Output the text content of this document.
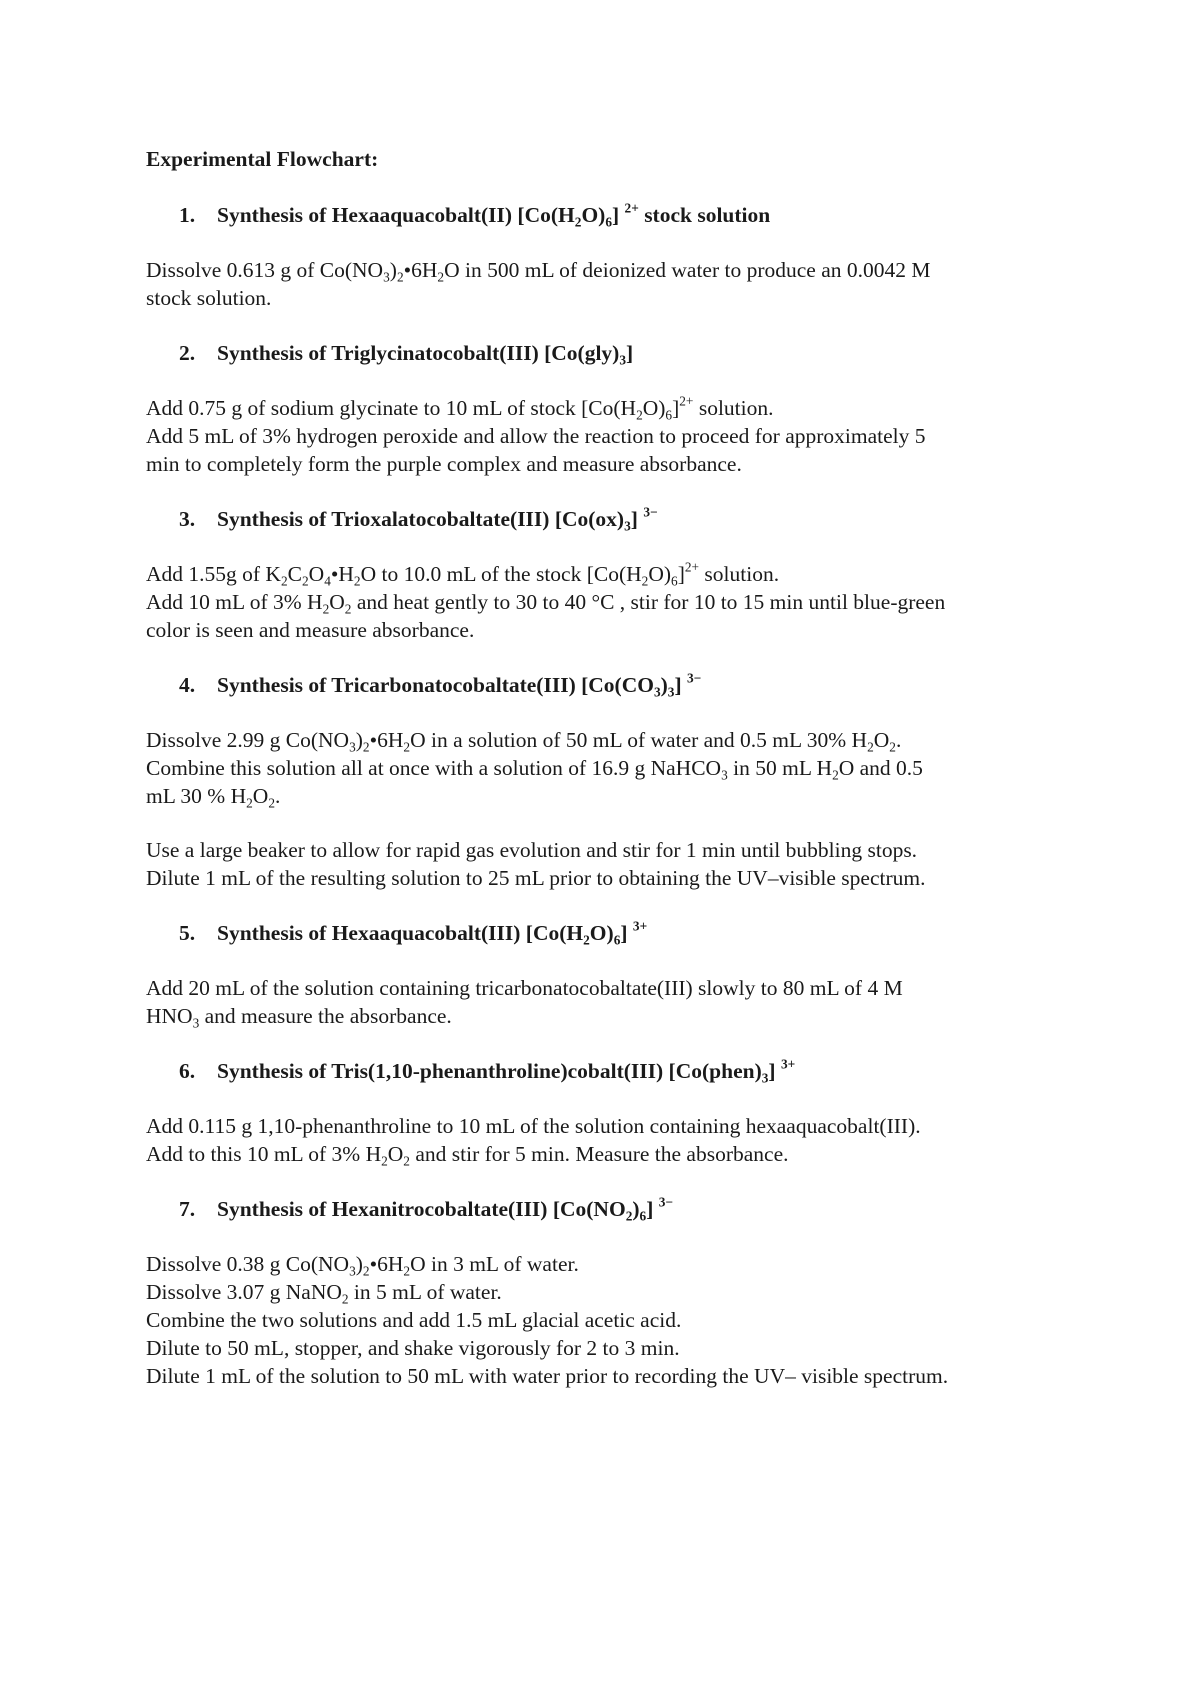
Experimental Flowchart:
1.	Synthesis of Hexaaquacobalt(II) $[Co(H_2O)_6]$ $^{2+}$ stock solution
Dissolve 0.613 g of $Co(NO_3)_2•6H_2O$ in 500 mL of deionized water to produce an 0.0042 M
stock solution.
2.	Synthesis of Triglycinatocobalt(III) $[Co(gly)_3]$
Add 0.75 g of sodium glycinate to 10 mL of stock $[Co(H_2O)_6]^{2+}$ solution.
Add 5 mL of 3% hydrogen peroxide and allow the reaction to proceed for approximately 5
min to completely form the purple complex and measure absorbance.
3.	Synthesis of Trioxalatocobaltate(III) $[Co(ox)_3]$ $^{3-}$
Add 1.55g of $K_2C_2O_4•H_2O$ to 10.0 mL of the stock $[Co(H_2O)_6]^{2+}$ solution.
Add 10 mL of 3% $H_2O_2$ and heat gently to 30 to 40 °C , stir for 10 to 15 min until blue-green
color is seen and measure absorbance.
4.	Synthesis of Tricarbonatocobaltate(III) $[Co(CO_3)_3]$ $^{3-}$
Dissolve 2.99 g $Co(NO_3)_2•6H_2O$ in a solution of 50 mL of water and 0.5 mL 30% $H_2O_2$.
Combine this solution all at once with a solution of 16.9 g NaHCO$_3$ in 50 mL $H_2O$ and 0.5
mL 30 % $H_2O_2$.
Use a large beaker to allow for rapid gas evolution and stir for 1 min until bubbling stops.
Dilute 1 mL of the resulting solution to 25 mL prior to obtaining the UV–visible spectrum.
5.	Synthesis of Hexaaquacobalt(III) $[Co(H_2O)_6]$ $^{3+}$
Add 20 mL of the solution containing tricarbonatocobaltate(III) slowly to 80 mL of 4 M
$HNO_3$ and measure the absorbance.
6.	Synthesis of Tris(1,10-phenanthroline)cobalt(III) $[Co(phen)_3]$ $^{3+}$
Add 0.115 g 1,10-phenanthroline to 10 mL of the solution containing hexaaquacobalt(III).
Add to this 10 mL of 3% $H_2O_2$ and stir for 5 min. Measure the absorbance.
7.	Synthesis of Hexanitrocobaltate(III) $[Co(NO_2)_6]$ $^{3-}$
Dissolve 0.38 g $Co(NO_3)_2•6H_2O$ in 3 mL of water.
Dissolve 3.07 g NaNO$_2$ in 5 mL of water.
Combine the two solutions and add 1.5 mL glacial acetic acid.
Dilute to 50 mL, stopper, and shake vigorously for 2 to 3 min.
Dilute 1 mL of the solution to 50 mL with water prior to recording the UV– visible spectrum.
